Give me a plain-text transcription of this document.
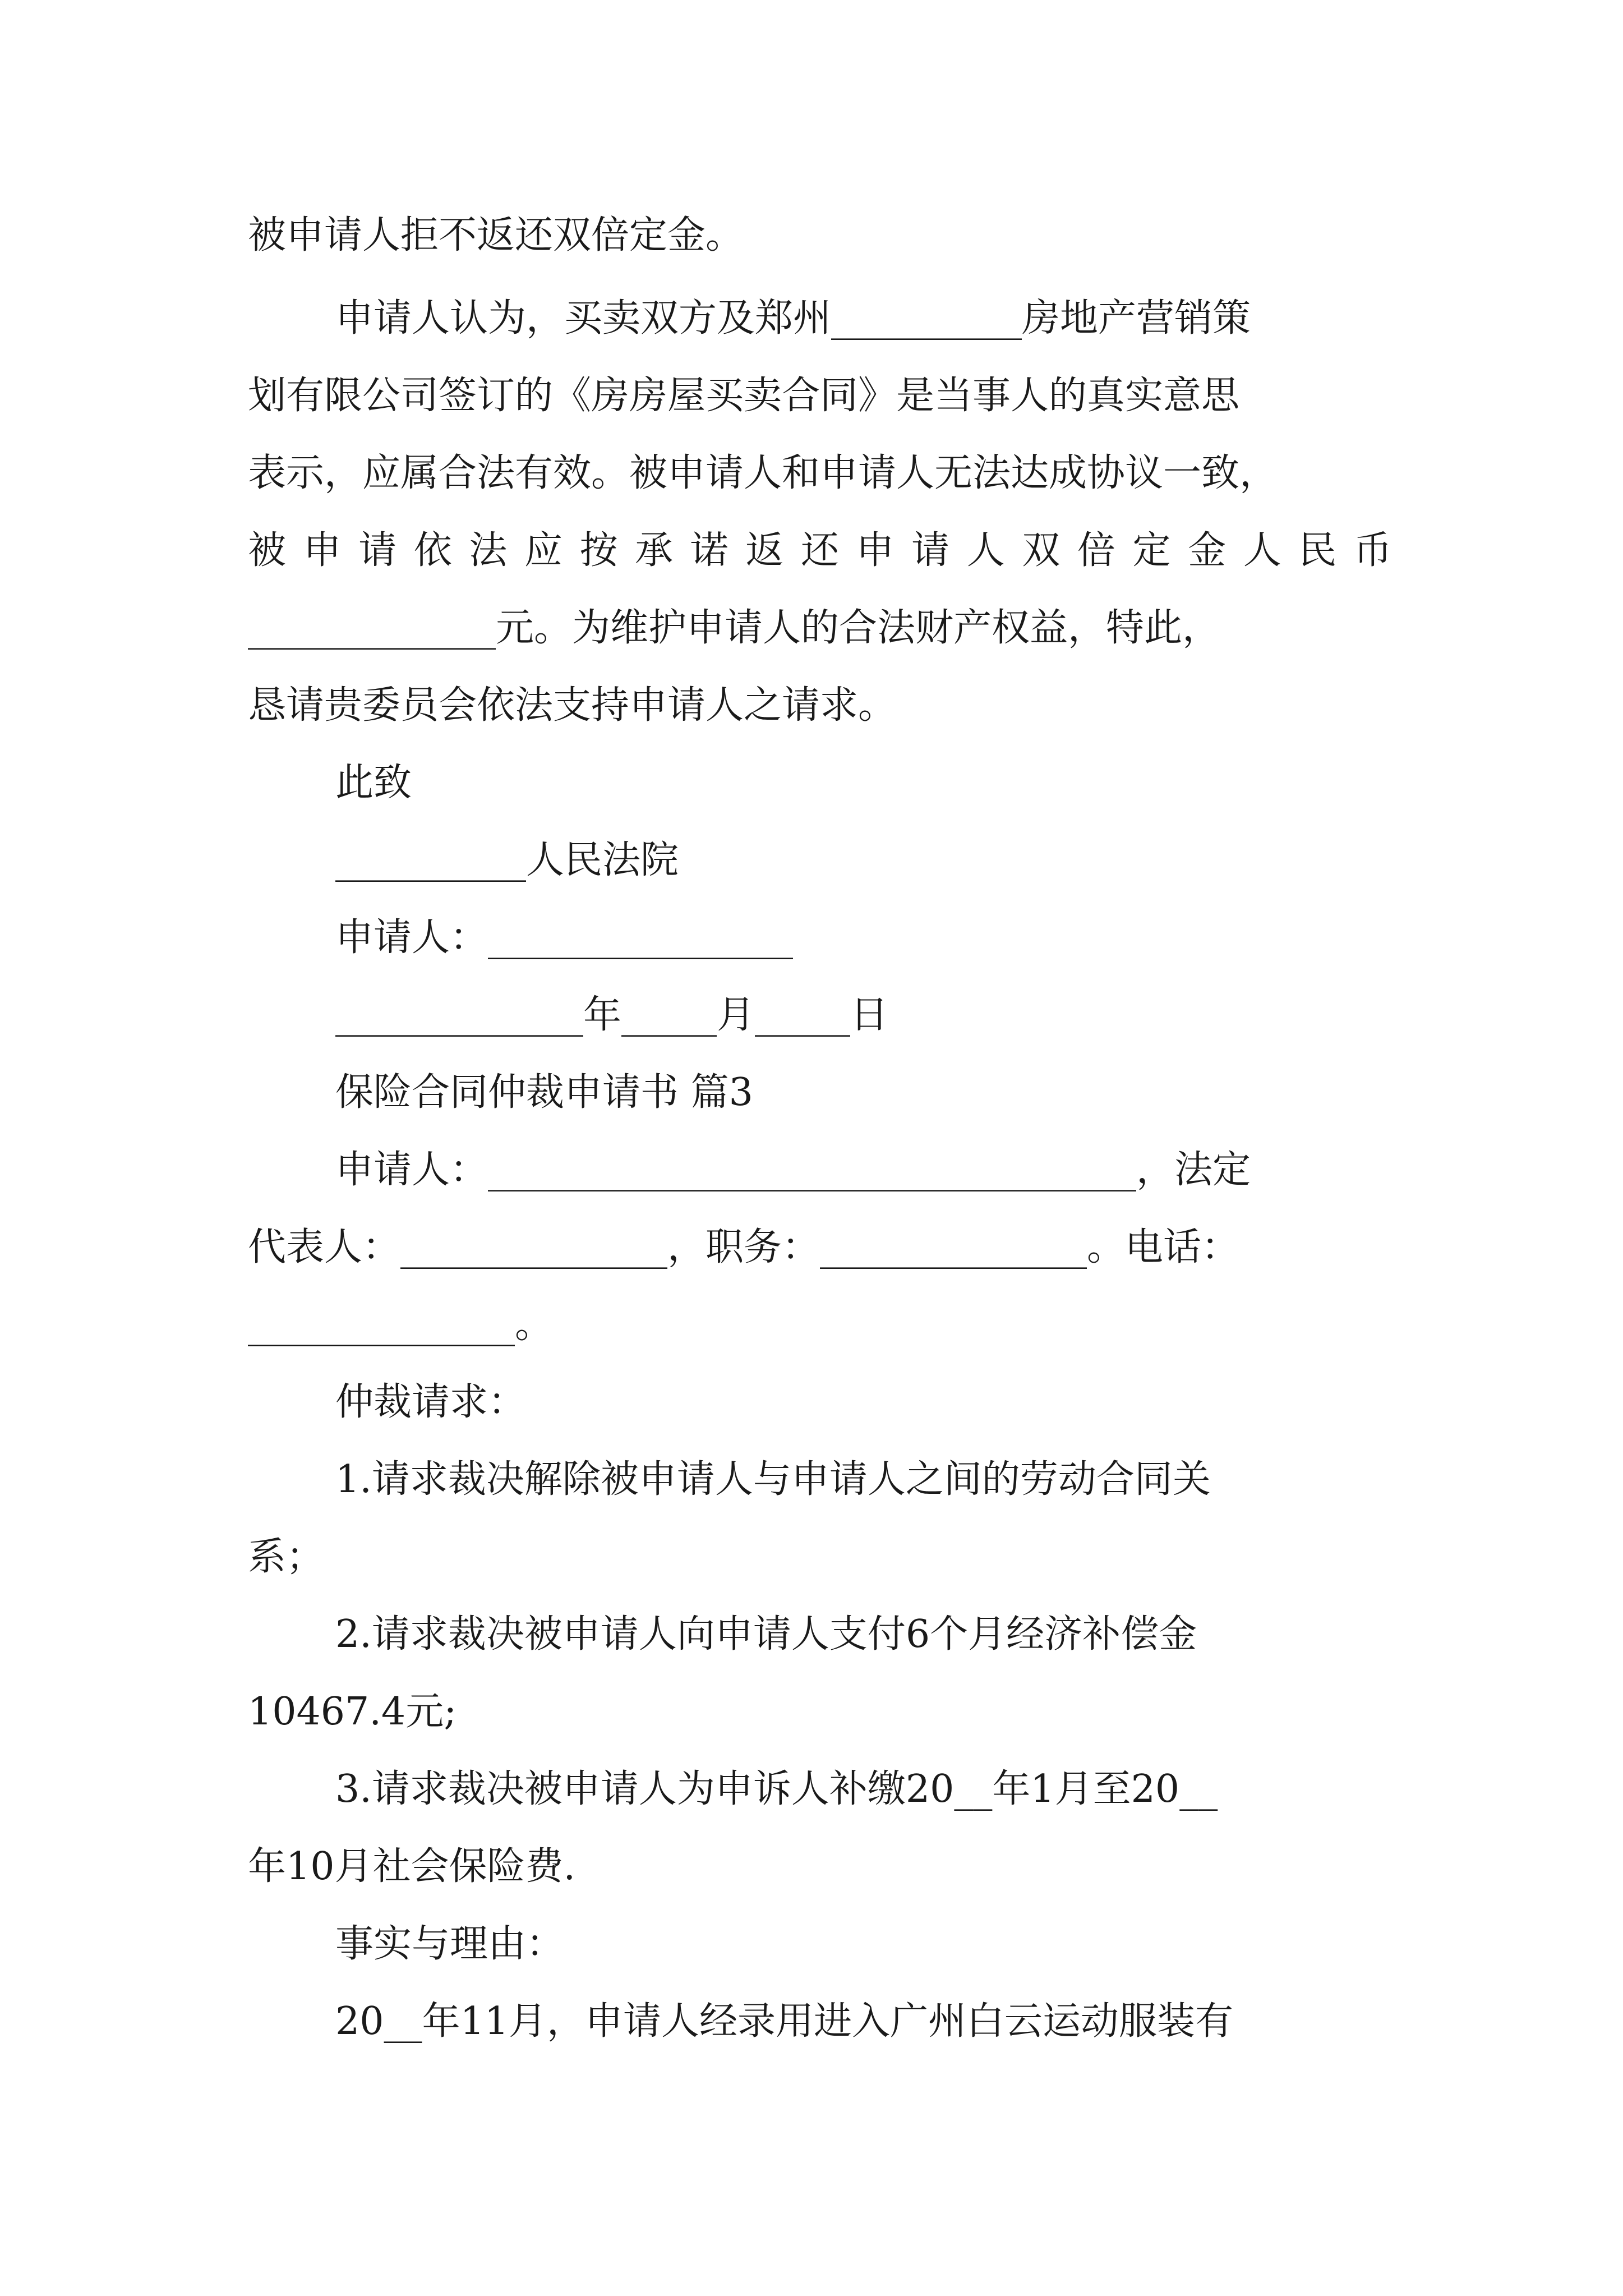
被申请人拒不返还双倍定金。
申请人认为，买卖双方及郑州__________房地产营销策
划有限公司签订的《房房屋买卖合同》是当事人的真实意思
表示，应属合法有效。被申请人和申请人无法达成协议一致，
被 申 请 依 法 应 按 承 诺 返 还 申 请 人 双 倍 定 金 人 民 币
_____________元。为维护申请人的合法财产权益，特此，
恳请贵委员会依法支持申请人之请求。
此致
__________人民法院
申请人：________________
_____________年_____月_____日
保险合同仲裁申请书 篇3
申请人：__________________________________，法定
代表人：______________，职务：______________。电话：
______________。
仲裁请求：
1.请求裁决解除被申请人与申请人之间的劳动合同关
系；
2.请求裁决被申请人向申请人支付6个月经济补偿金
10467.4元;
3.请求裁决被申请人为申诉人补缴20__年1月至20__
年10月社会保险费.
事实与理由：
20__年11月，申请人经录用进入广州白云运动服装有
